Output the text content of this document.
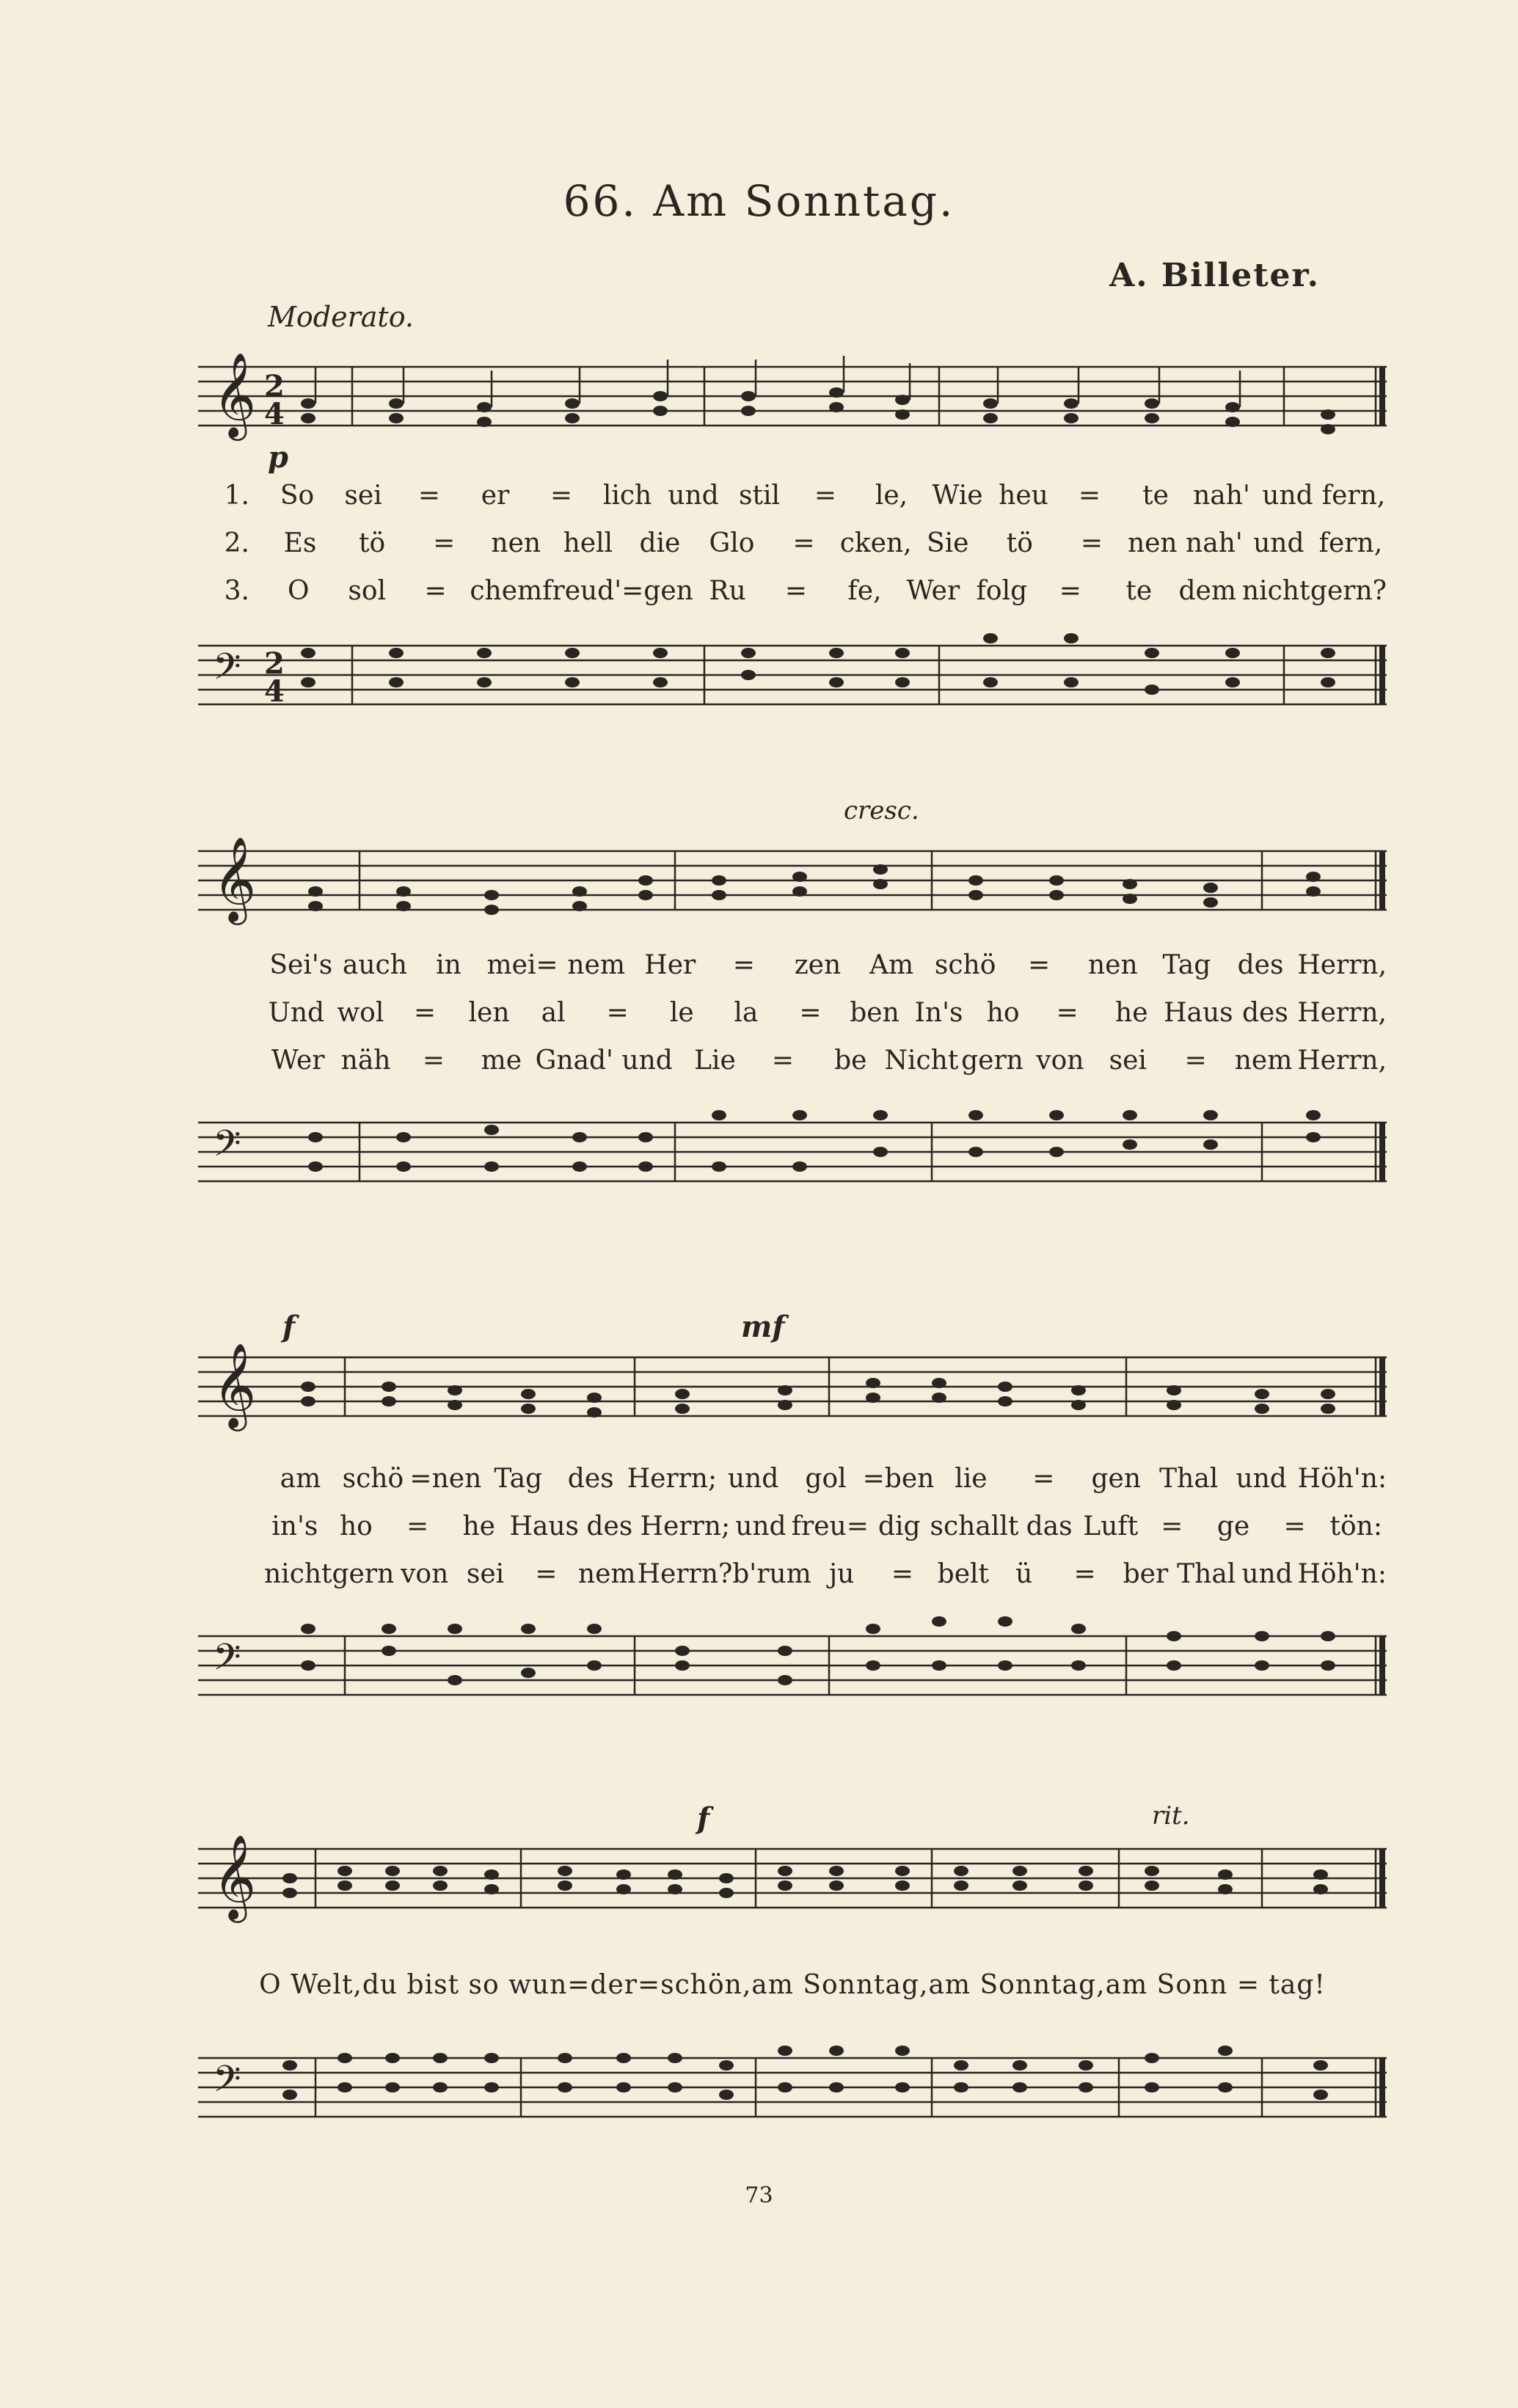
66. Am Sonntag.
A. Billeter.
Moderato.
𝄞 2
4
p
1.	So	sei	=	er	=	lich und stil	=	le, Wie heu	=	te nah' und fern,
2.	Es	tö	=	nen hell	die	Glo	= cken, Sie	tö	= nen nah' und fern,
3.	O	sol	= chem freud'=gen Ru	=	fe, Wer folg	=	te	dem nicht gern?
𝄢 2
4
𝄞
cresc.
Sei's auch	in mei= nem Her	=	zen	Am schö	=	nen Tag	des Herrn,
Und wol	=	len	al	=	le	la	=	ben In's ho	=	he Haus des Herrn,
Wer näh	=	me Gnad' und Lie	=	be Nicht gern von sei	=	nem Herrn,
𝄢
𝄞
f	mf
am schö =nen Tag des Herrn; und	gol =ben lie	=	gen Thal und Höh'n:
in's ho	=	he Haus des Herrn; und freu= dig schallt das Luft =	ge	= tön:
nicht gern von sei	= nem Herrn? b'rum ju	= belt	ü	=	ber Thal und Höh'n:
𝄢
𝄞
f	rit.
O Welt,du bist so wun=der=schön,am Sonntag,am Sonntag,am Sonn = tag!
𝄢
73
